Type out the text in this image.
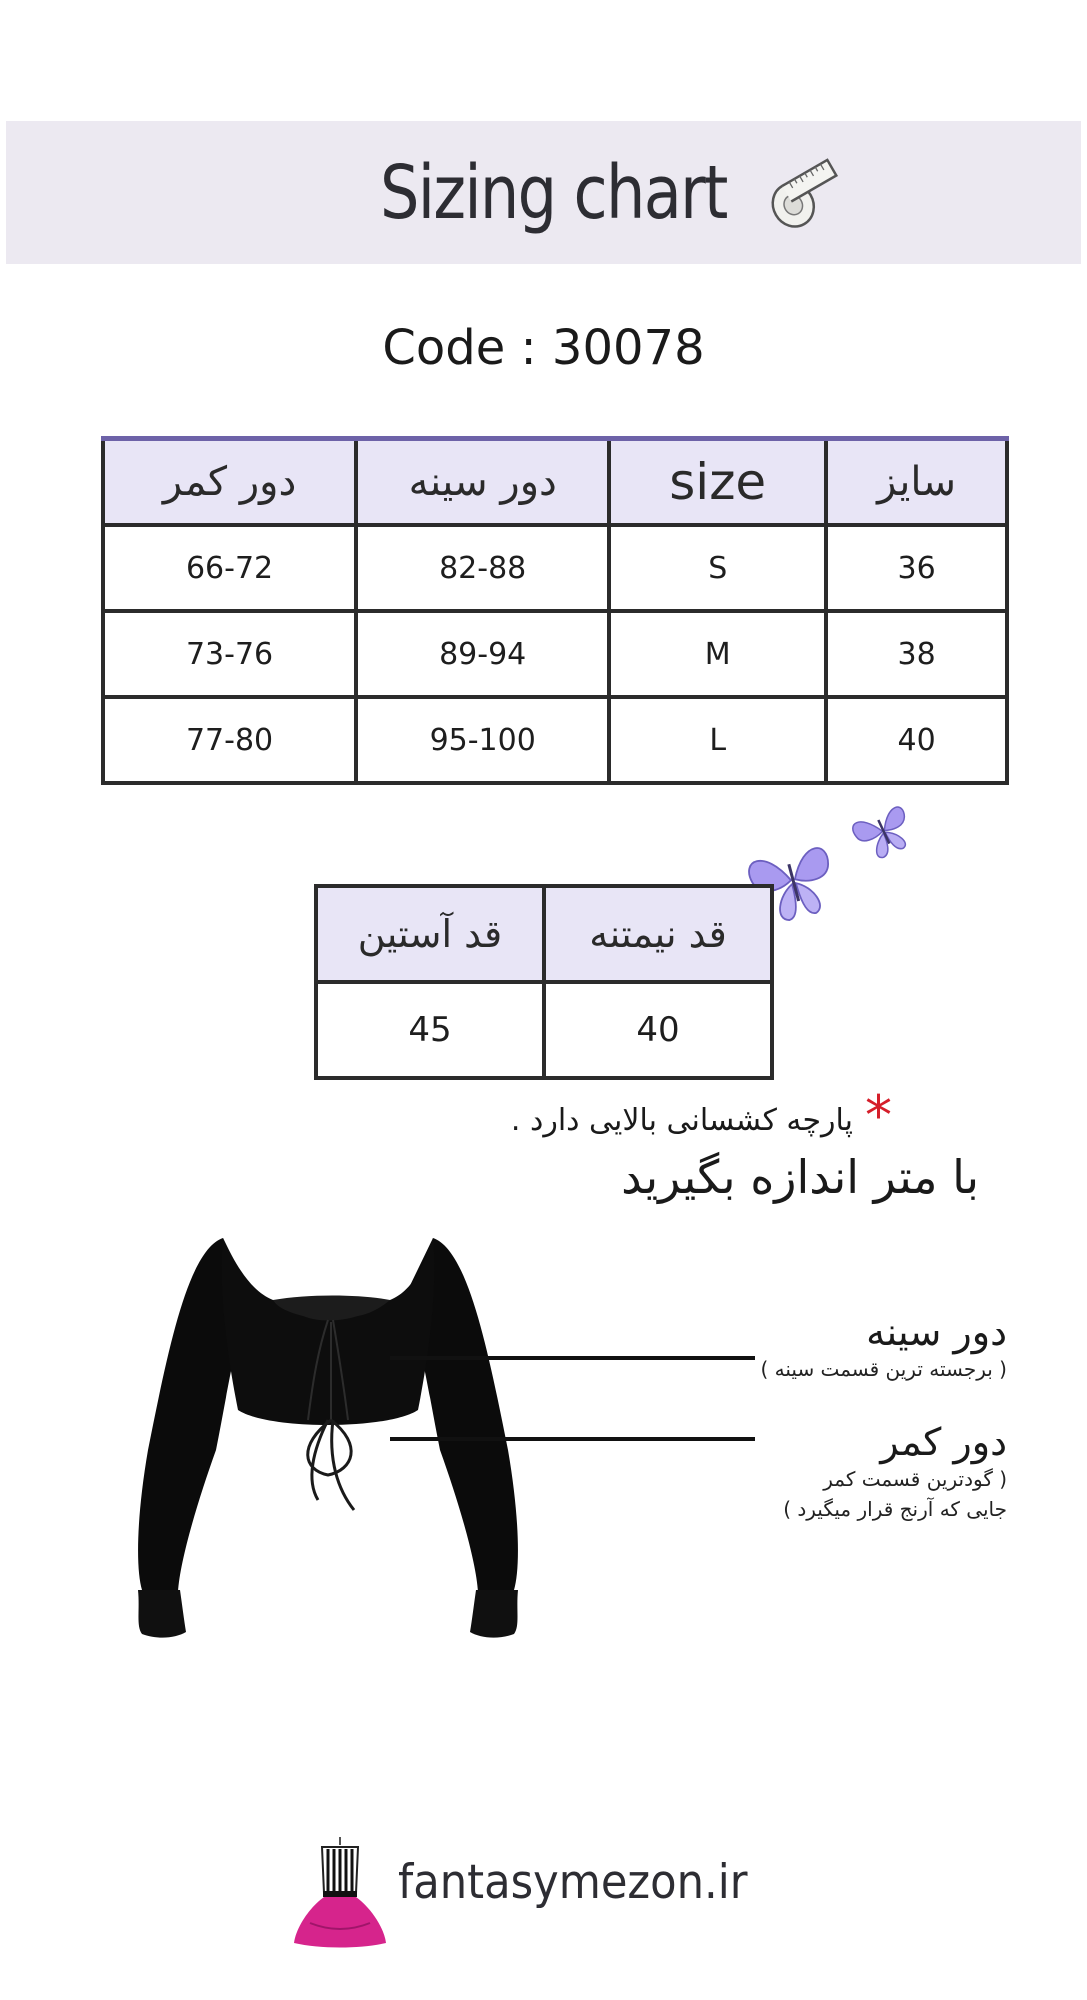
Sizing chart
Code : 30078
سایز	size	دور سینه	دور کمر
36	S	82-88	66-72
38	M	89-94	73-76
40	L	95-100	77-80
قد نیمتنه	قد آستین
40	45
*پارچه کشسانی بالایی دارد .
با متر اندازه بگیرید
دور سینه
( برجسته ترین قسمت سینه )
دور کمر
( گودترین قسمت کمر
جایی که آرنج قرار میگیرد )
fantasymezon.ir
